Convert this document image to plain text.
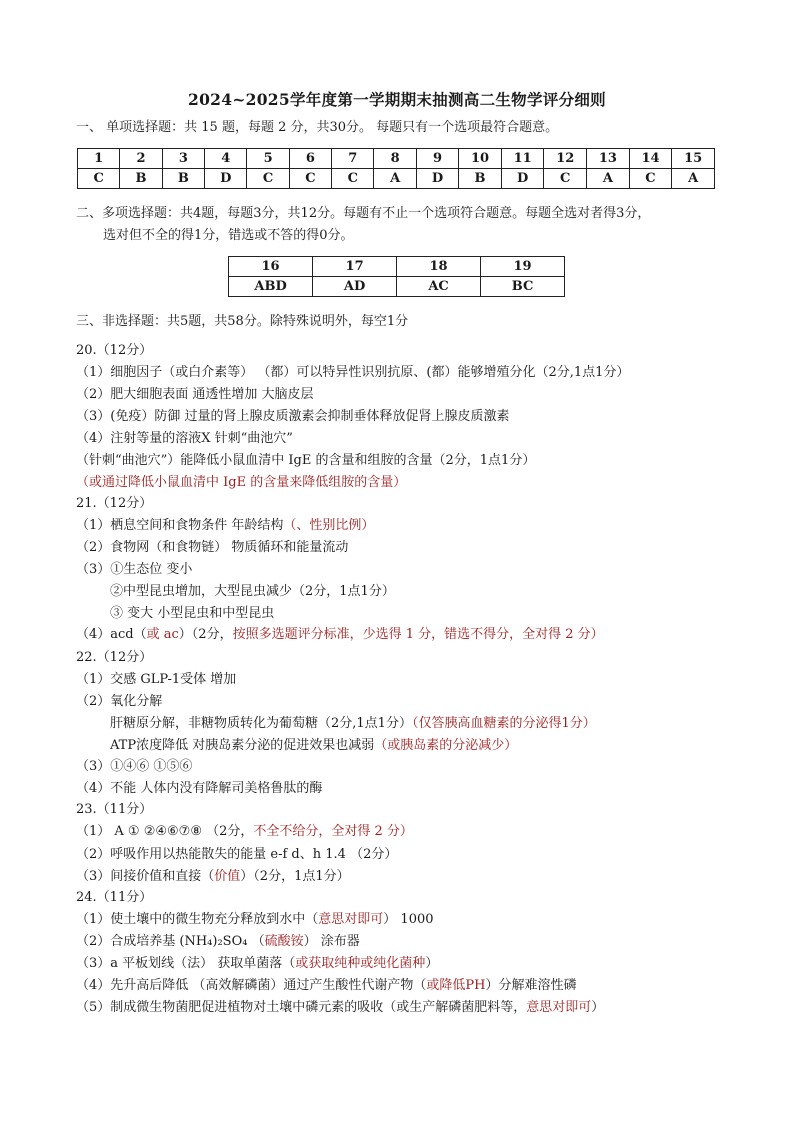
2024~2025学年度第一学期期末抽测高二生物学评分细则
一、 单项选择题：共 15 题，每题 2 分，共30分。 每题只有一个选项最符合题意。
1	2	3	4	5	6	7	8	9	10	11	12	13	14	15
C	B	B	D	C	C	C	A	D	B	D	C	A	C	A
二、多项选择题：共4题，每题3分，共12分。每题有不止一个选项符合题意。每题全选对者得3分，
选对但不全的得1分，错选或不答的得0分。
16	17	18	19
ABD	AD	AC	BC
三、非选择题：共5题，共58分。除特殊说明外，每空1分
20.（12分）
（1）细胞因子（或白介素等） （都）可以特异性识别抗原、(都）能够增殖分化（2分,1点1分）
（2）肥大细胞表面 通透性增加 大脑皮层
（3）(免疫）防御 过量的肾上腺皮质激素会抑制垂体释放促肾上腺皮质激素
（4）注射等量的溶液X 针刺“曲池穴”
（针刺“曲池穴”）能降低小鼠血清中 IgE 的含量和组胺的含量（2分，1点1分）
（或通过降低小鼠血清中 IgE 的含量来降低组胺的含量）
21.（12分）
（1）栖息空间和食物条件 年龄结构（、性别比例）
（2）食物网（和食物链） 物质循环和能量流动
（3）①生态位 变小
②中型昆虫增加，大型昆虫减少（2分，1点1分）
③ 变大 小型昆虫和中型昆虫
（4）acd（或 ac）（2分，按照多选题评分标准，少选得 1 分，错选不得分，全对得 2 分）
22.（12分）
（1）交感 GLP-1受体 增加
（2）氧化分解
肝糖原分解，非糖物质转化为葡萄糖（2分,1点1分）（仅答胰高血糖素的分泌得1分）
ATP浓度降低 对胰岛素分泌的促进效果也减弱（或胰岛素的分泌减少）
（3）①④⑥ ①⑤⑥
（4）不能 人体内没有降解司美格鲁肽的酶
23.（11分）
（1） A ① ②④⑥⑦⑧ （2分，不全不给分，全对得 2 分）
（2）呼吸作用以热能散失的能量 e-f d、h 1.4 （2分）
（3）间接价值和直接（价值）（2分，1点1分）
24.（11分）
（1）使土壤中的微生物充分释放到水中（意思对即可） 1000
（2）合成培养基 (NH₄)₂SO₄ （硫酸铵） 涂布器
（3）a 平板划线（法） 获取单菌落（或获取纯种或纯化菌种）
（4）先升高后降低 （高效解磷菌）通过产生酸性代谢产物（或降低PH）分解难溶性磷
（5）制成微生物菌肥促进植物对土壤中磷元素的吸收（或生产解磷菌肥料等，意思对即可）
